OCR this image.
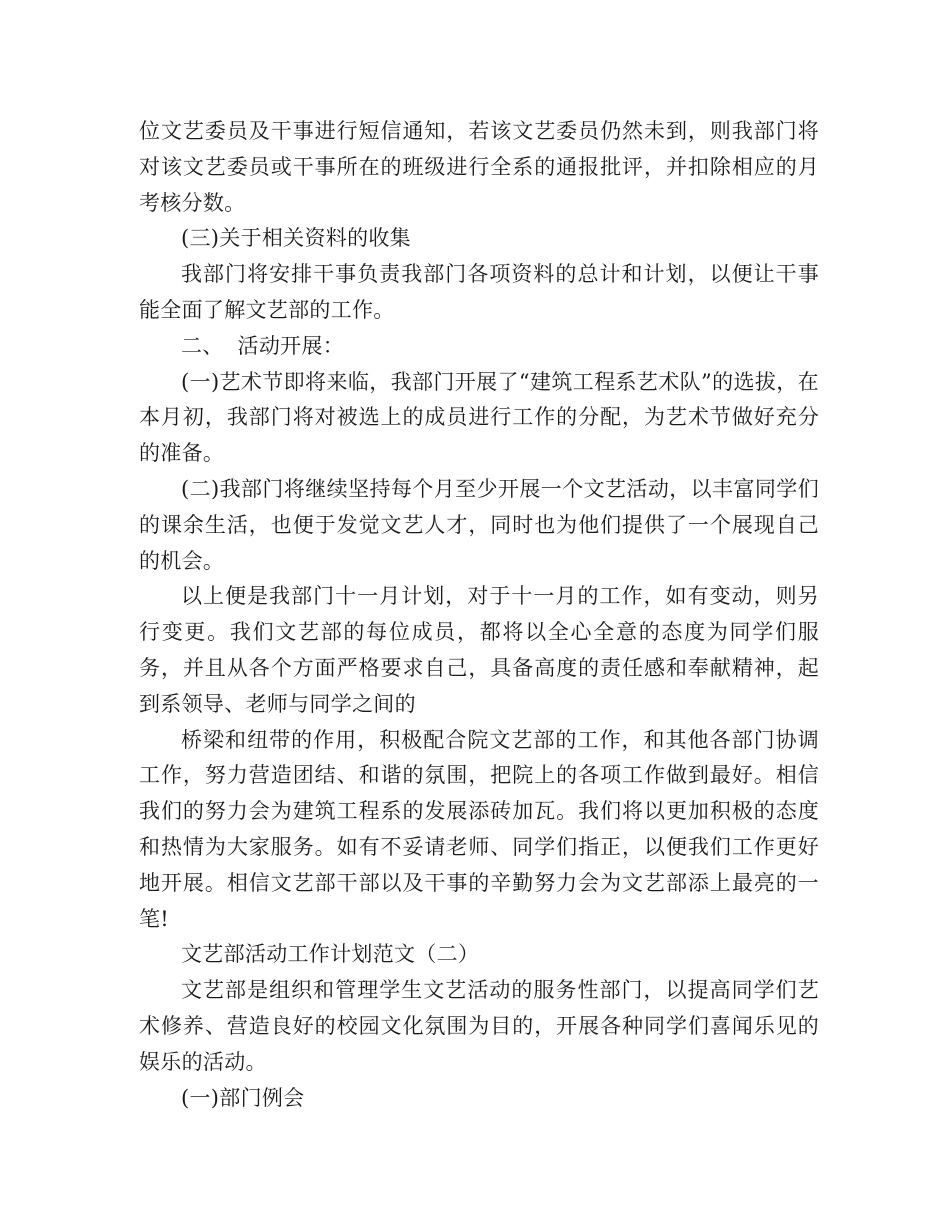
位文艺委员及干事进行短信通知，若该文艺委员仍然未到，则我部门将对该文艺委员或干事所在的班级进行全系的通报批评，并扣除相应的月考核分数。

(三)关于相关资料的收集

我部门将安排干事负责我部门各项资料的总计和计划，以便让干事能全面了解文艺部的工作。

二、  活动开展：

(一)艺术节即将来临，我部门开展了“建筑工程系艺术队”的选拔，在本月初，我部门将对被选上的成员进行工作的分配，为艺术节做好充分的准备。

(二)我部门将继续坚持每个月至少开展一个文艺活动，以丰富同学们的课余生活，也便于发觉文艺人才，同时也为他们提供了一个展现自己的机会。

以上便是我部门十一月计划，对于十一月的工作，如有变动，则另行变更。我们文艺部的每位成员，都将以全心全意的态度为同学们服务，并且从各个方面严格要求自己，具备高度的责任感和奉献精神，起到系领导、老师与同学之间的

桥梁和纽带的作用，积极配合院文艺部的工作，和其他各部门协调工作，努力营造团结、和谐的氛围，把院上的各项工作做到最好。相信我们的努力会为建筑工程系的发展添砖加瓦。我们将以更加积极的态度和热情为大家服务。如有不妥请老师、同学们指正，以便我们工作更好地开展。相信文艺部干部以及干事的辛勤努力会为文艺部添上最亮的一笔!

文艺部活动工作计划范文（二）

文艺部是组织和管理学生文艺活动的服务性部门，以提高同学们艺术修养、营造良好的校园文化氛围为目的，开展各种同学们喜闻乐见的娱乐的活动。

(一)部门例会
